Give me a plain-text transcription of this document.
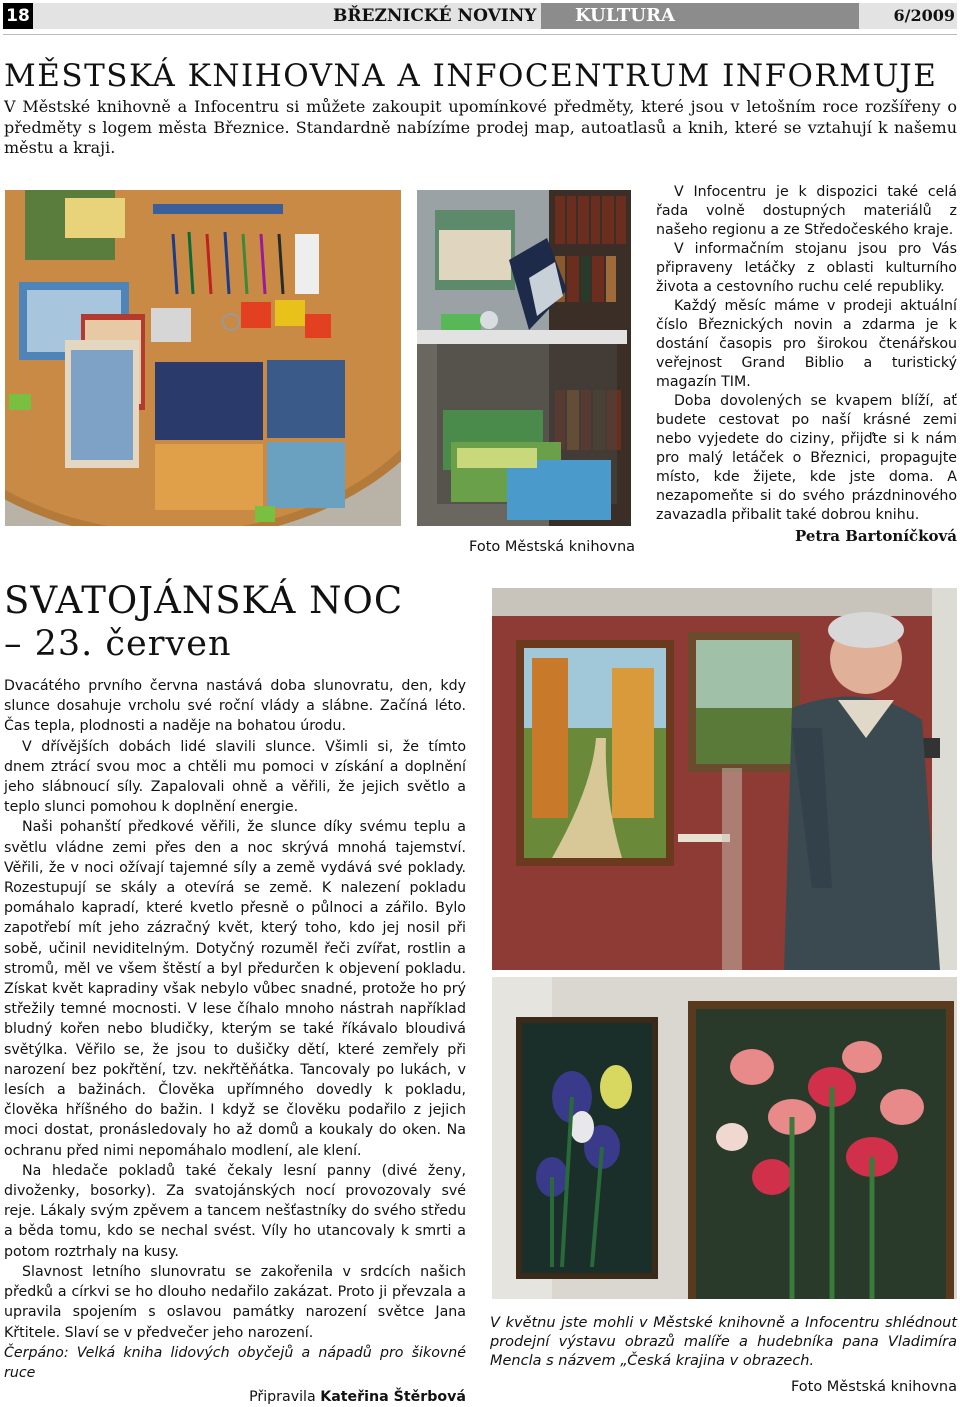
18	BŘEZNICKÉ NOVINY	KULTURA	6/2009
MĚSTSKÁ KNIHOVNA A INFOCENTRUM INFORMUJE

V Městské knihovně a Infocentru si můžete zakoupit upomínkové předměty, které jsou v letošním roce rozšířeny o předměty s logem města Březnice. Standardně nabízíme prodej map, autoatlasů a knih, které se vztahují k našemu městu a kraji.

Foto Městská knihovna

V Infocentru je k dispozici také celá řada volně dostupných materiálů z našeho regionu a ze Středočeského kraje.

V informačním stojanu jsou pro Vás připraveny letáčky z oblasti kulturního života a cestovního ruchu celé republiky.

Každý měsíc máme v prodeji aktuální číslo Březnických novin a zdarma je k dostání časopis pro širokou čtenářskou veřejnost Grand Biblio a turistický magazín TIM.

Doba dovolených se kvapem blíží, ať budete cestovat po naší krásné zemi nebo vyjedete do ciziny, přijďte si k nám pro malý letáček o Březnici, propagujte místo, kde žijete, kde jste doma. A nezapomeňte si do svého prázdninového zavazadla přibalit také dobrou knihu.

Petra Bartoníčková

SVATOJÁNSKÁ NOC
– 23. červen

Dvacátého prvního června nastává doba slunovratu, den, kdy slunce dosahuje vrcholu své roční vlády a slábne. Začíná léto. Čas tepla, plodnosti a naděje na bohatou úrodu.

V dřívějších dobách lidé slavili slunce. Všimli si, že tímto dnem ztrácí svou moc a chtěli mu pomoci v získání a doplnění jeho slábnoucí síly. Zapalovali ohně a věřili, že jejich světlo a teplo slunci pomohou k doplnění energie.

Naši pohanští předkové věřili, že slunce díky svému teplu a světlu vládne zemi přes den a noc skrývá mnohá tajemství. Věřili, že v noci ožívají tajemné síly a země vydává své poklady. Rozestupují se skály a otevírá se země. K nalezení pokladu pomáhalo kapradí, které kvetlo přesně o půlnoci a zářilo. Bylo zapotřebí mít jeho zázračný květ, který toho, kdo jej nosil při sobě, učinil neviditelným. Dotyčný rozuměl řeči zvířat, rostlin a stromů, měl ve všem štěstí a byl předurčen k objevení pokladu. Získat květ kapradiny však nebylo vůbec snadné, protože ho prý střežily temné mocnosti. V lese číhalo mnoho nástrah například bludný kořen nebo bludičky, kterým se také říkávalo bloudivá světýlka. Věřilo se, že jsou to dušičky dětí, které zemřely při narození bez pokřtění, tzv. nekřtěňátka. Tancovaly po lukách, v lesích a bažinách. Člověka upřímného dovedly k pokladu, člověka hříšného do bažin. I když se člověku podařilo z jejich moci dostat, pronásledovaly ho až domů a koukaly do oken. Na ochranu před nimi nepomáhalo modlení, ale klení.

Na hledače pokladů také čekaly lesní panny (divé ženy, divoženky, bosorky). Za svatojánských nocí provozovaly své reje. Lákaly svým zpěvem a tancem nešťastníky do svého středu a běda tomu, kdo se nechal svést. Víly ho utancovaly k smrti a potom roztrhaly na kusy.

Slavnost letního slunovratu se zakořenila v srdcích našich předků a církvi se ho dlouho nedařilo zakázat. Proto ji převzala a upravila spojením s oslavou památky narození světce Jana Křtitele. Slaví se v předvečer jeho narození.

Čerpáno: Velká kniha lidových obyčejů a nápadů pro šikovné ruce

Připravila Kateřina Štěrbová

V květnu jste mohli v Městské knihovně a Infocentru shlédnout prodejní výstavu obrazů malíře a hudebníka pana Vladimíra Mencla s názvem „Česká krajina v obrazech.
Foto Městská knihovna
